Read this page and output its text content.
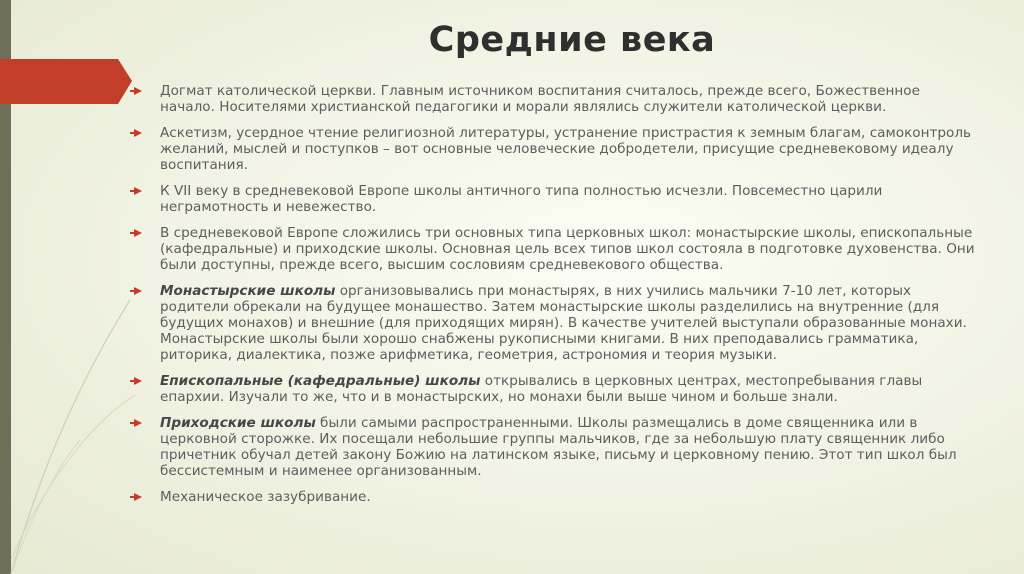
Средние века
Догмат католической церкви. Главным источником воспитания считалось, прежде всего, Божественное начало. Носителями христианской педагогики и морали являлись служители католической церкви.
Аскетизм, усердное чтение религиозной литературы, устранение пристрастия к земным благам, самоконтроль желаний, мыслей и поступков – вот основные человеческие добродетели, присущие средневековому идеалу воспитания.
К VII веку в средневековой Европе школы античного типа полностью исчезли. Повсеместно царили неграмотность и невежество.
В средневековой Европе сложились три основных типа церковных школ: монастырские школы, епископальные (кафедральные) и приходские школы. Основная цель всех типов школ состояла в подготовке духовенства. Они были доступны, прежде всего, высшим сословиям средневекового общества.
Монастырские школы организовывались при монастырях, в них учились мальчики 7-10 лет, которых родители обрекали на будущее монашество. Затем монастырские школы разделились на внутренние (для будущих монахов) и внешние (для приходящих мирян). В качестве учителей выступали образованные монахи. Монастырские школы были хорошо снабжены рукописными книгами. В них преподавались грамматика, риторика, диалектика, позже арифметика, геометрия, астрономия и теория музыки.
Епископальные (кафедральные) школы открывались в церковных центрах, местопребывания главы епархии. Изучали то же, что и в монастырских, но монахи были выше чином и больше знали.
Приходские школы были самыми распространенными. Школы размещались в доме священника или в церковной сторожке. Их посещали небольшие группы мальчиков, где за небольшую плату священник либо причетник обучал детей закону Божию на латинском языке, письму и церковному пению. Этот тип школ был бессистемным и наименее организованным.
Механическое зазубривание.
